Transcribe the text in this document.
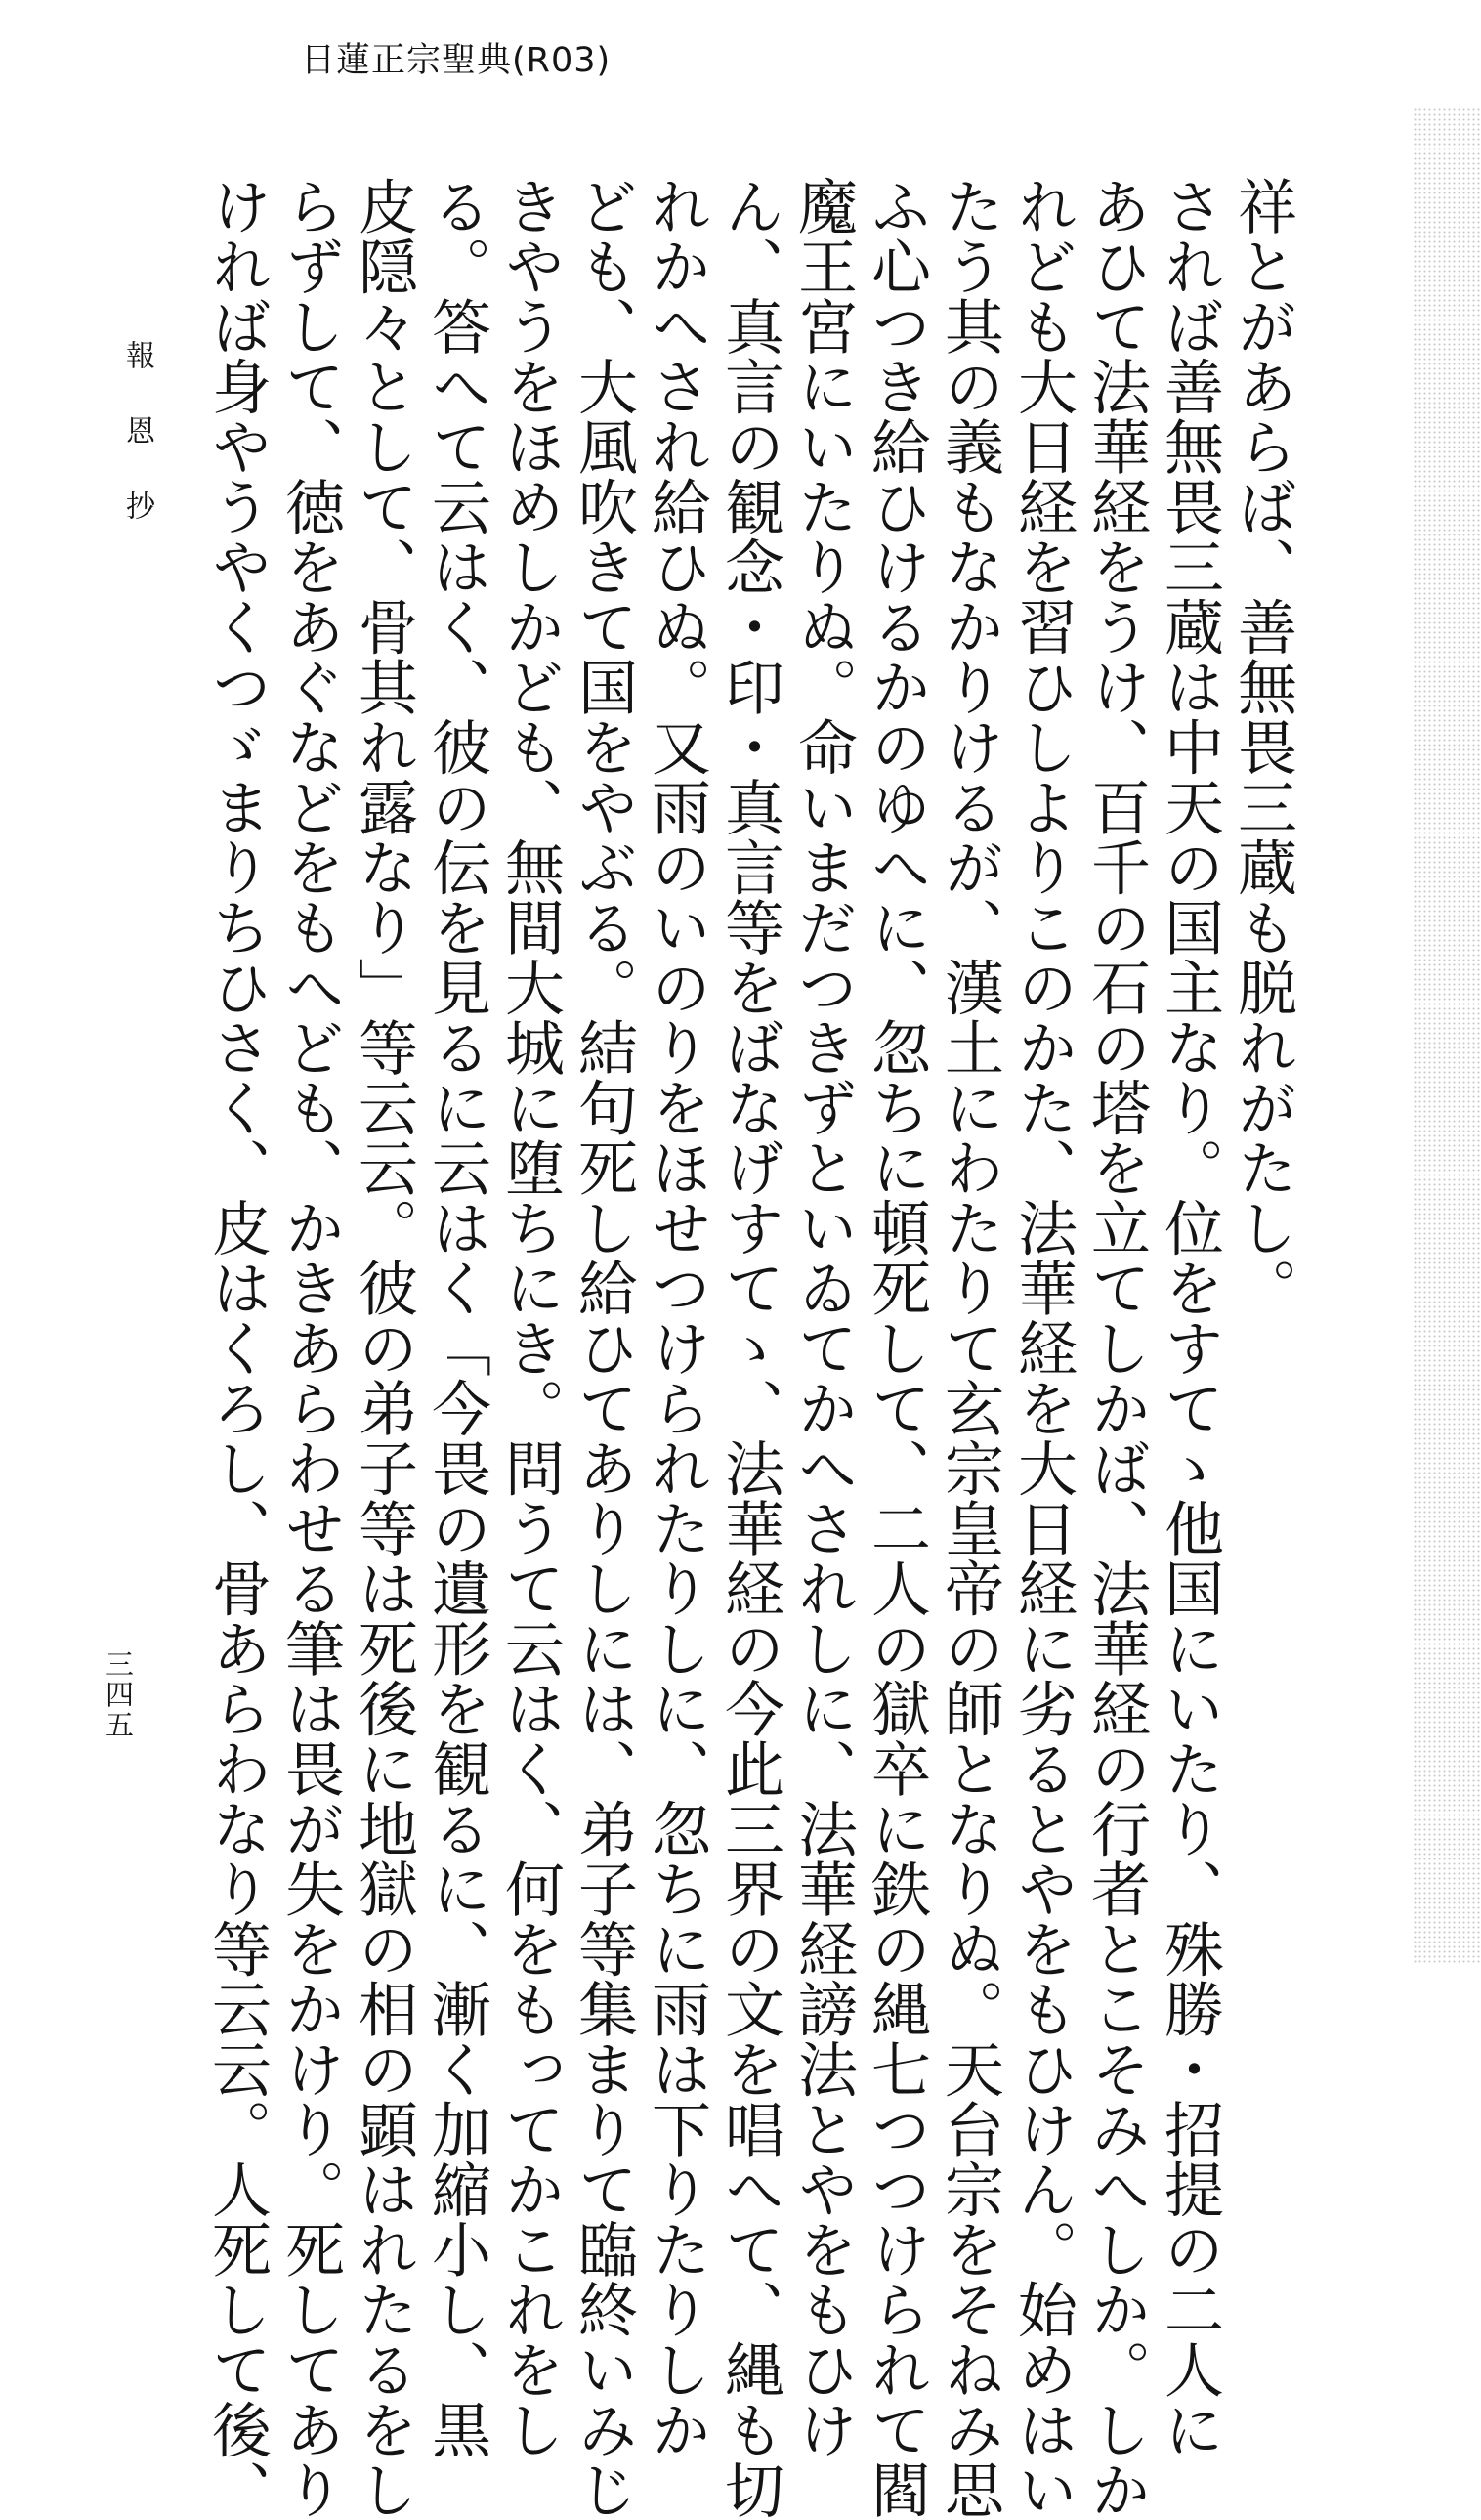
日蓮正宗聖典(R03)

祥とがあらば、善無畏三蔵も脱れがたし。

されば善無畏三蔵は中天の国主なり。位をすてゝ他国にいたり、殊勝・招提の二人に

あひて法華経をうけ、百千の石の塔を立てしかば、法華経の行者とこそみへしか。しか

れども大日経を習ひしよりこのかた、法華経を大日経に劣るとやをもひけん。始めはい

たう其の義もなかりけるが、漢土にわたりて玄宗皇帝の師となりぬ。天台宗をそねみ思

ふ心つき給ひけるかのゆへに、忽ちに頓死して、二人の獄卒に鉄の縄七つつけられて閻

魔王宮にいたりぬ。命いまだつきずといゐてかへされしに、法華経謗法とやをもひけ

ん、真言の観念・印・真言等をばなげすてゝ、法華経の今此三界の文を唱へて、縄も切

れかへされ給ひぬ。又雨のいのりをほせつけられたりしに、忽ちに雨は下りたりしか

ども、大風吹きて国をやぶる。結句死し給ひてありしには、弟子等集まりて臨終いみじ

きやうをほめしかども、無間大城に堕ちにき。問うて云はく、何をもってかこれをし

る。答へて云はく、彼の伝を見るに云はく「今畏の遺形を観るに、漸く加縮小し、黒

皮隠々として、骨其れ露なり」等云云。彼の弟子等は死後に地獄の相の顕はれたるをし

らずして、徳をあぐなどをもへども、かきあらわせる筆は畏が失をかけり。死してあり

ければ身やうやくつゞまりちひさく、皮はくろし、骨あらわなり等云云。人死して後、

報恩抄

三四五
